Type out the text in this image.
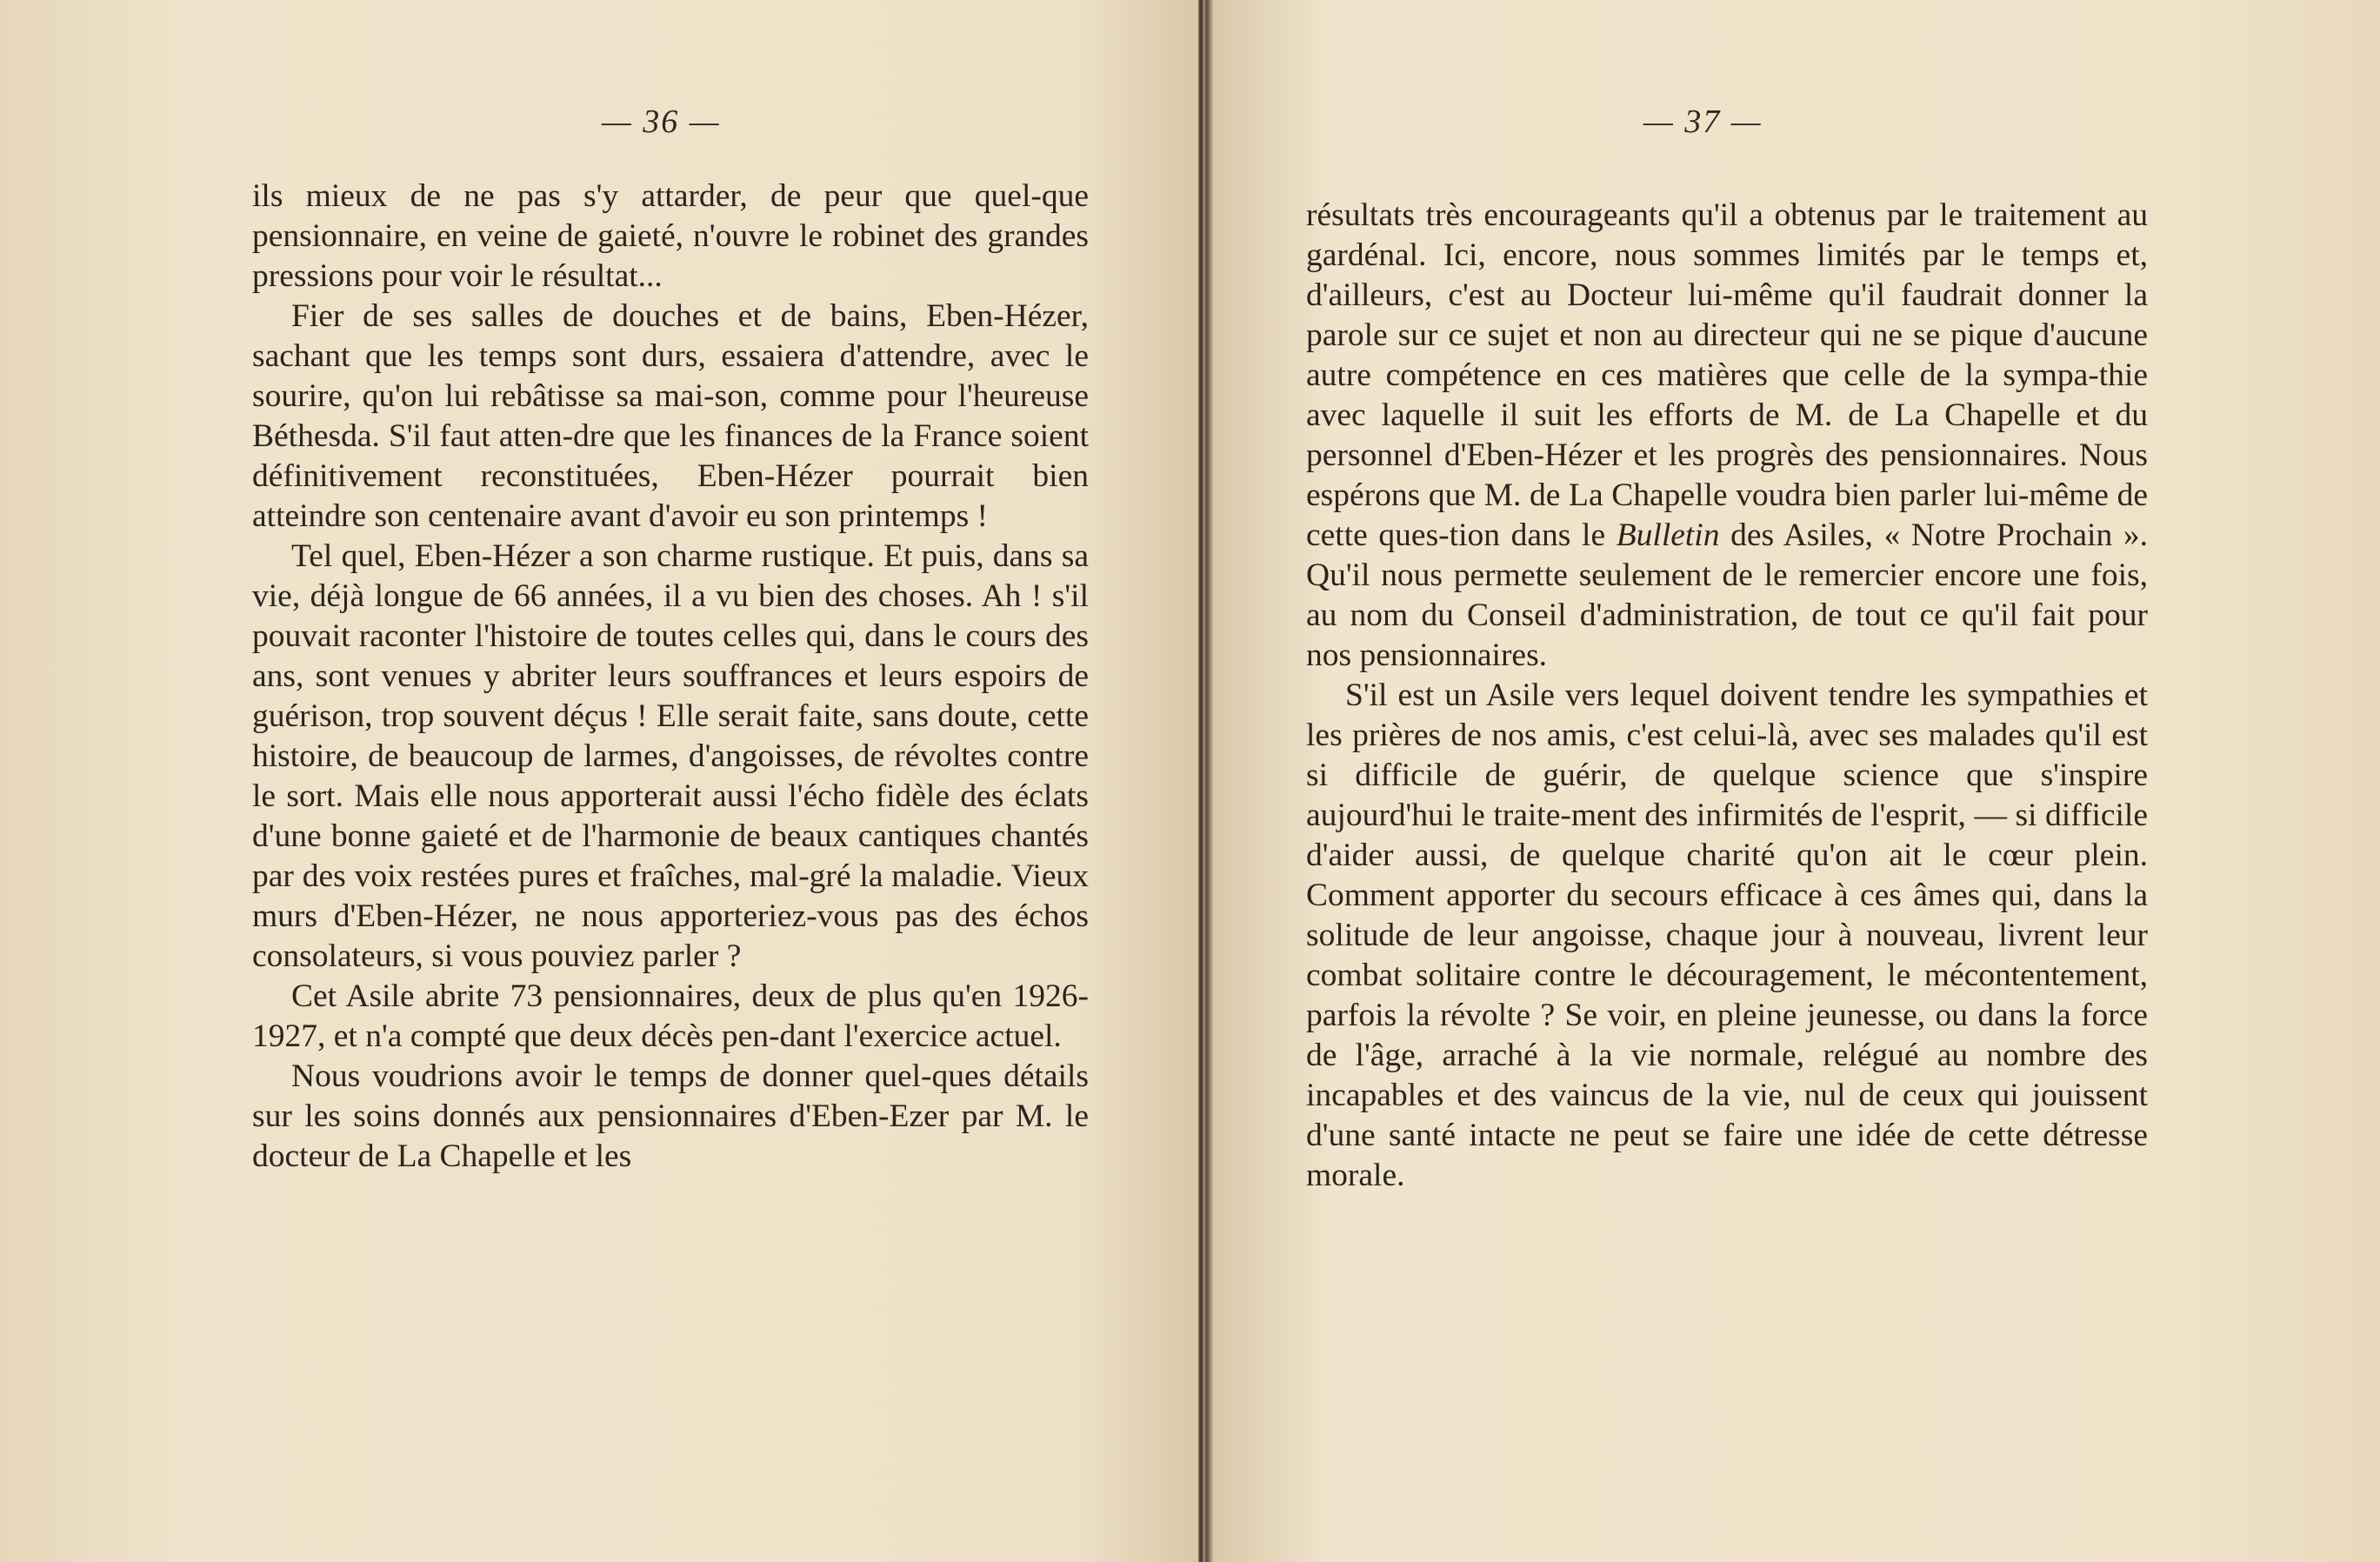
— 36 —

ils mieux de ne pas s'y attarder, de peur que quel-que pensionnaire, en veine de gaieté, n'ouvre le robinet des grandes pressions pour voir le résultat...

Fier de ses salles de douches et de bains, Eben-Hézer, sachant que les temps sont durs, essaiera d'attendre, avec le sourire, qu'on lui rebâtisse sa mai-son, comme pour l'heureuse Béthesda. S'il faut atten-dre que les finances de la France soient définitivement reconstituées, Eben-Hézer pourrait bien atteindre son centenaire avant d'avoir eu son printemps !

Tel quel, Eben-Hézer a son charme rustique. Et puis, dans sa vie, déjà longue de 66 années, il a vu bien des choses. Ah ! s'il pouvait raconter l'histoire de toutes celles qui, dans le cours des ans, sont venues y abriter leurs souffrances et leurs espoirs de guérison, trop souvent déçus ! Elle serait faite, sans doute, cette histoire, de beaucoup de larmes, d'angoisses, de révoltes contre le sort. Mais elle nous apporterait aussi l'écho fidèle des éclats d'une bonne gaieté et de l'harmonie de beaux cantiques chantés par des voix restées pures et fraîches, mal-gré la maladie. Vieux murs d'Eben-Hézer, ne nous apporteriez-vous pas des échos consolateurs, si vous pouviez parler ?

Cet Asile abrite 73 pensionnaires, deux de plus qu'en 1926-1927, et n'a compté que deux décès pen-dant l'exercice actuel.

Nous voudrions avoir le temps de donner quel-ques détails sur les soins donnés aux pensionnaires d'Eben-Ezer par M. le docteur de La Chapelle et les

— 37 —

résultats très encourageants qu'il a obtenus par le traitement au gardénal. Ici, encore, nous sommes limités par le temps et, d'ailleurs, c'est au Docteur lui-même qu'il faudrait donner la parole sur ce sujet et non au directeur qui ne se pique d'aucune autre compétence en ces matières que celle de la sympa-thie avec laquelle il suit les efforts de M. de La Chapelle et du personnel d'Eben-Hézer et les progrès des pensionnaires. Nous espérons que M. de La Chapelle voudra bien parler lui-même de cette ques-tion dans le Bulletin des Asiles, « Notre Prochain ». Qu'il nous permette seulement de le remercier encore une fois, au nom du Conseil d'administration, de tout ce qu'il fait pour nos pensionnaires.

S'il est un Asile vers lequel doivent tendre les sympathies et les prières de nos amis, c'est celui-là, avec ses malades qu'il est si difficile de guérir, de quelque science que s'inspire aujourd'hui le traite-ment des infirmités de l'esprit, — si difficile d'aider aussi, de quelque charité qu'on ait le cœur plein. Comment apporter du secours efficace à ces âmes qui, dans la solitude de leur angoisse, chaque jour à nouveau, livrent leur combat solitaire contre le découragement, le mécontentement, parfois la révolte ? Se voir, en pleine jeunesse, ou dans la force de l'âge, arraché à la vie normale, relégué au nombre des incapables et des vaincus de la vie, nul de ceux qui jouissent d'une santé intacte ne peut se faire une idée de cette détresse morale.
